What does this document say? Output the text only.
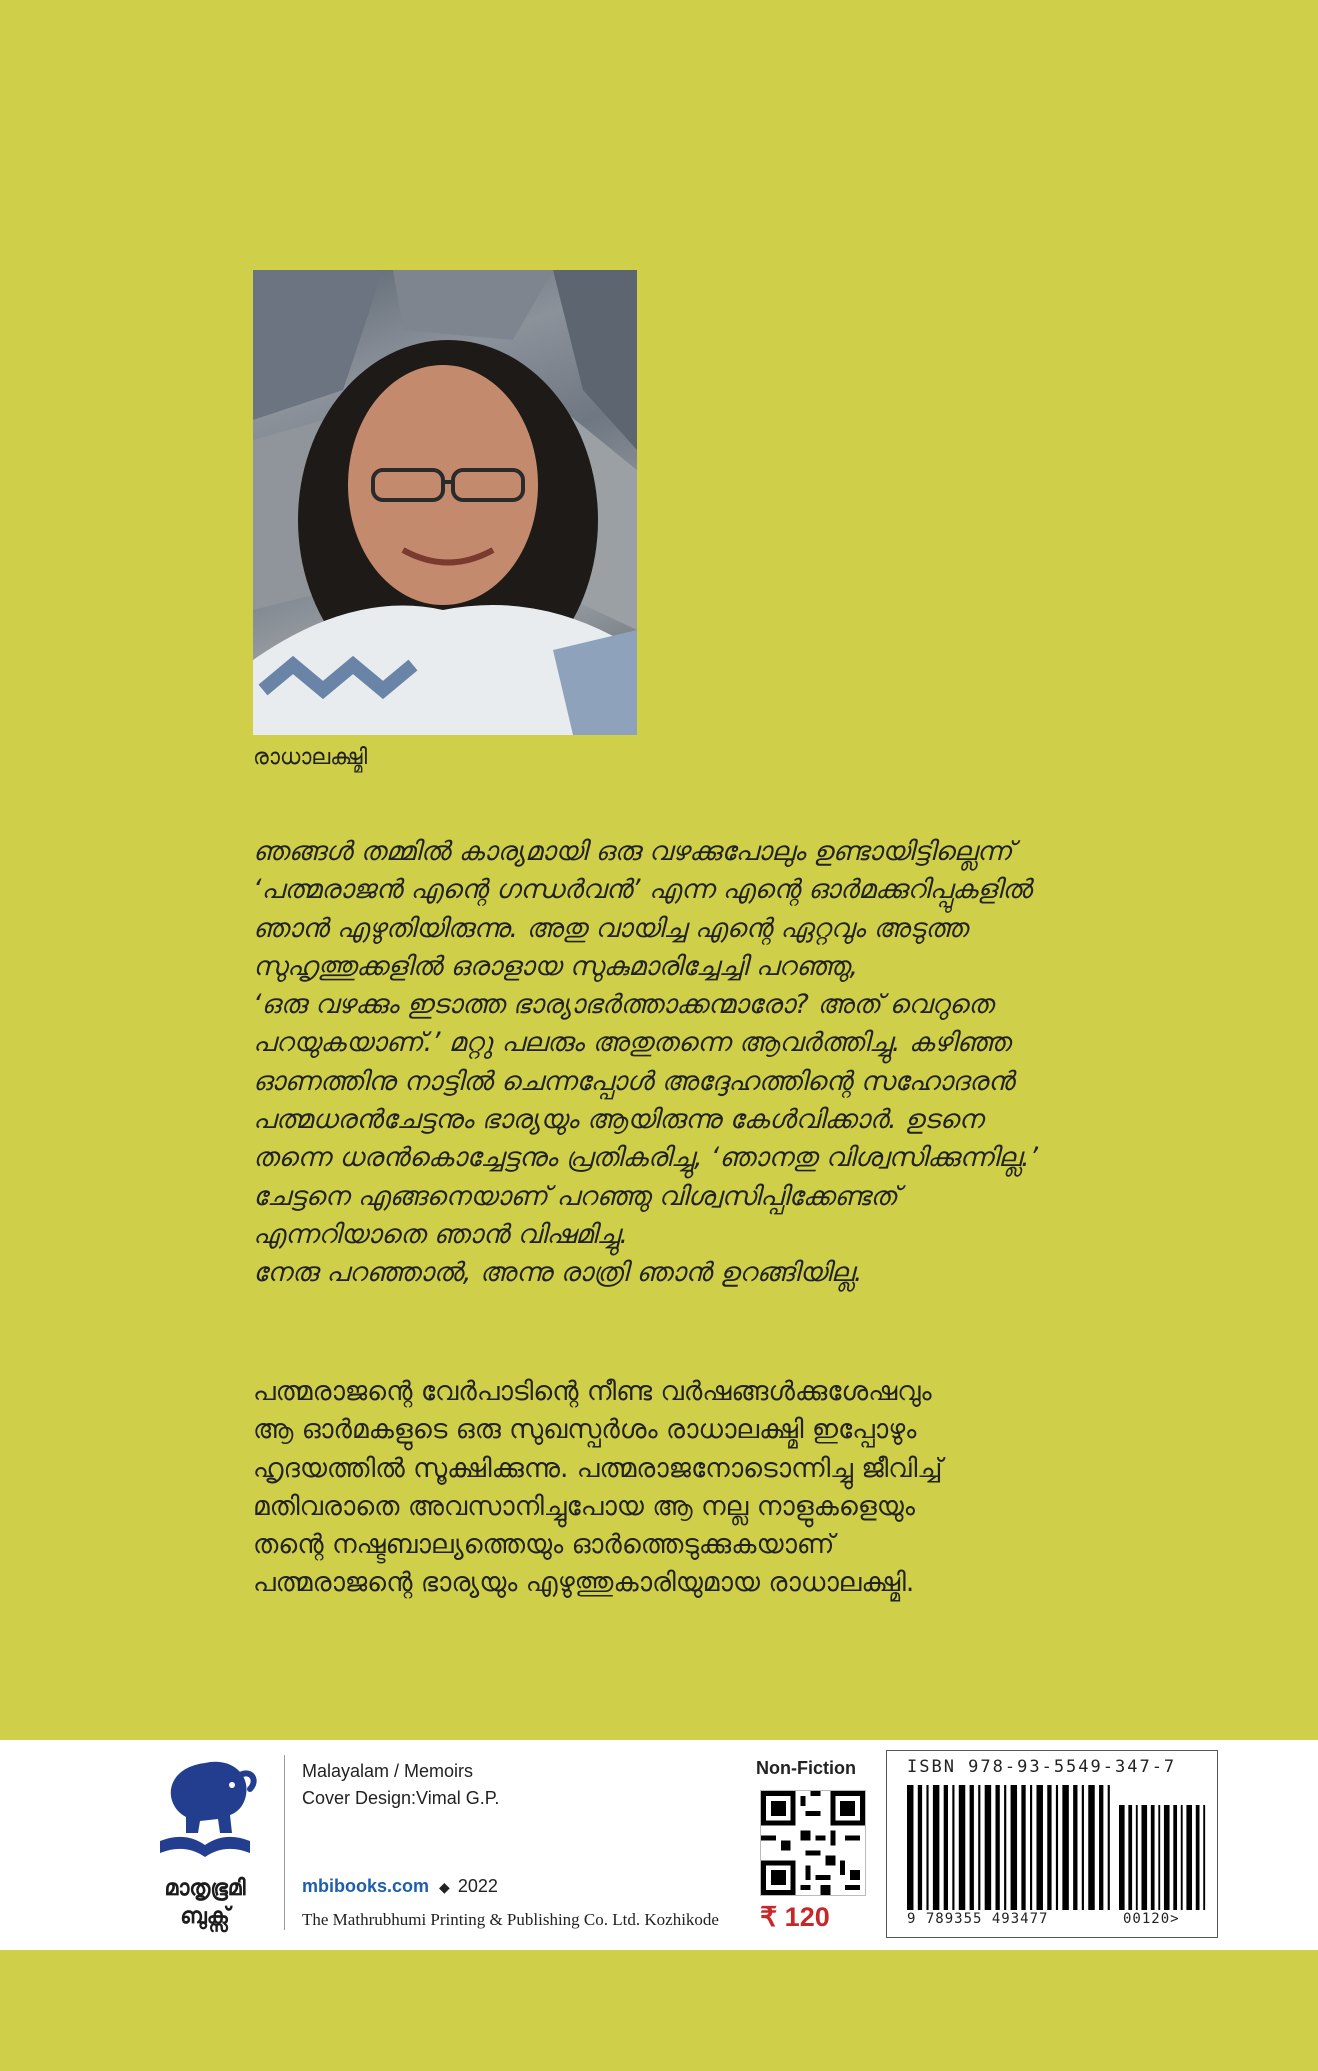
രാധാലക്ഷ്മി
ഞങ്ങൾ തമ്മിൽ കാര്യമായി ഒരു വഴക്കുപോലും ഉണ്ടായിട്ടില്ലെന്ന്
‘പത്മരാജൻ എന്റെ ഗന്ധർവൻ’ എന്ന എന്റെ ഓർമക്കുറിപ്പുകളിൽ
ഞാൻ എഴുതിയിരുന്നു. അതു വായിച്ച എന്റെ ഏറ്റവും അടുത്ത
സുഹൃത്തുക്കളിൽ ഒരാളായ സുകുമാരിച്ചേച്ചി പറഞ്ഞു,
‘ഒരു വഴക്കും ഇടാത്ത ഭാര്യാഭർത്താക്കന്മാരോ? അത് വെറുതെ
പറയുകയാണ്.’ മറ്റു പലരും അതുതന്നെ ആവർത്തിച്ചു. കഴിഞ്ഞ
ഓണത്തിനു നാട്ടിൽ ചെന്നപ്പോൾ അദ്ദേഹത്തിന്റെ സഹോദരൻ
പത്മധരൻചേട്ടനും ഭാര്യയും ആയിരുന്നു കേൾവിക്കാർ. ഉടനെ
തന്നെ ധരൻകൊച്ചേട്ടനും പ്രതികരിച്ചു, ‘ഞാനതു വിശ്വസിക്കുന്നില്ല.’
ചേട്ടനെ എങ്ങനെയാണ് പറഞ്ഞു വിശ്വസിപ്പിക്കേണ്ടത്
എന്നറിയാതെ ഞാൻ വിഷമിച്ചു.
നേരു പറഞ്ഞാൽ, അന്നു രാത്രി ഞാൻ ഉറങ്ങിയില്ല.
പത്മരാജന്റെ വേർപാടിന്റെ നീണ്ട വർഷങ്ങൾക്കുശേഷവും
ആ ഓർമകളുടെ ഒരു സുഖസ്പർശം രാധാലക്ഷ്മി ഇപ്പോഴും
ഹൃദയത്തിൽ സൂക്ഷിക്കുന്നു. പത്മരാജനോടൊന്നിച്ചു ജീവിച്ച്
മതിവരാതെ അവസാനിച്ചുപോയ ആ നല്ല നാളുകളെയും
തന്റെ നഷ്ടബാല്യത്തെയും ഓർത്തെടുക്കുകയാണ്
പത്മരാജന്റെ ഭാര്യയും എഴുത്തുകാരിയുമായ രാധാലക്ഷ്മി.
മാതൃഭൂമി
ബുക്സ്
Malayalam / Memoirs
Cover Design:Vimal G.P.
mbibooks.com ◆ 2022
The Mathrubhumi Printing & Publishing Co. Ltd. Kozhikode
Non-Fiction
₹ 120
ISBN 978-93-5549-347-7
9 789355 493477	00120>
